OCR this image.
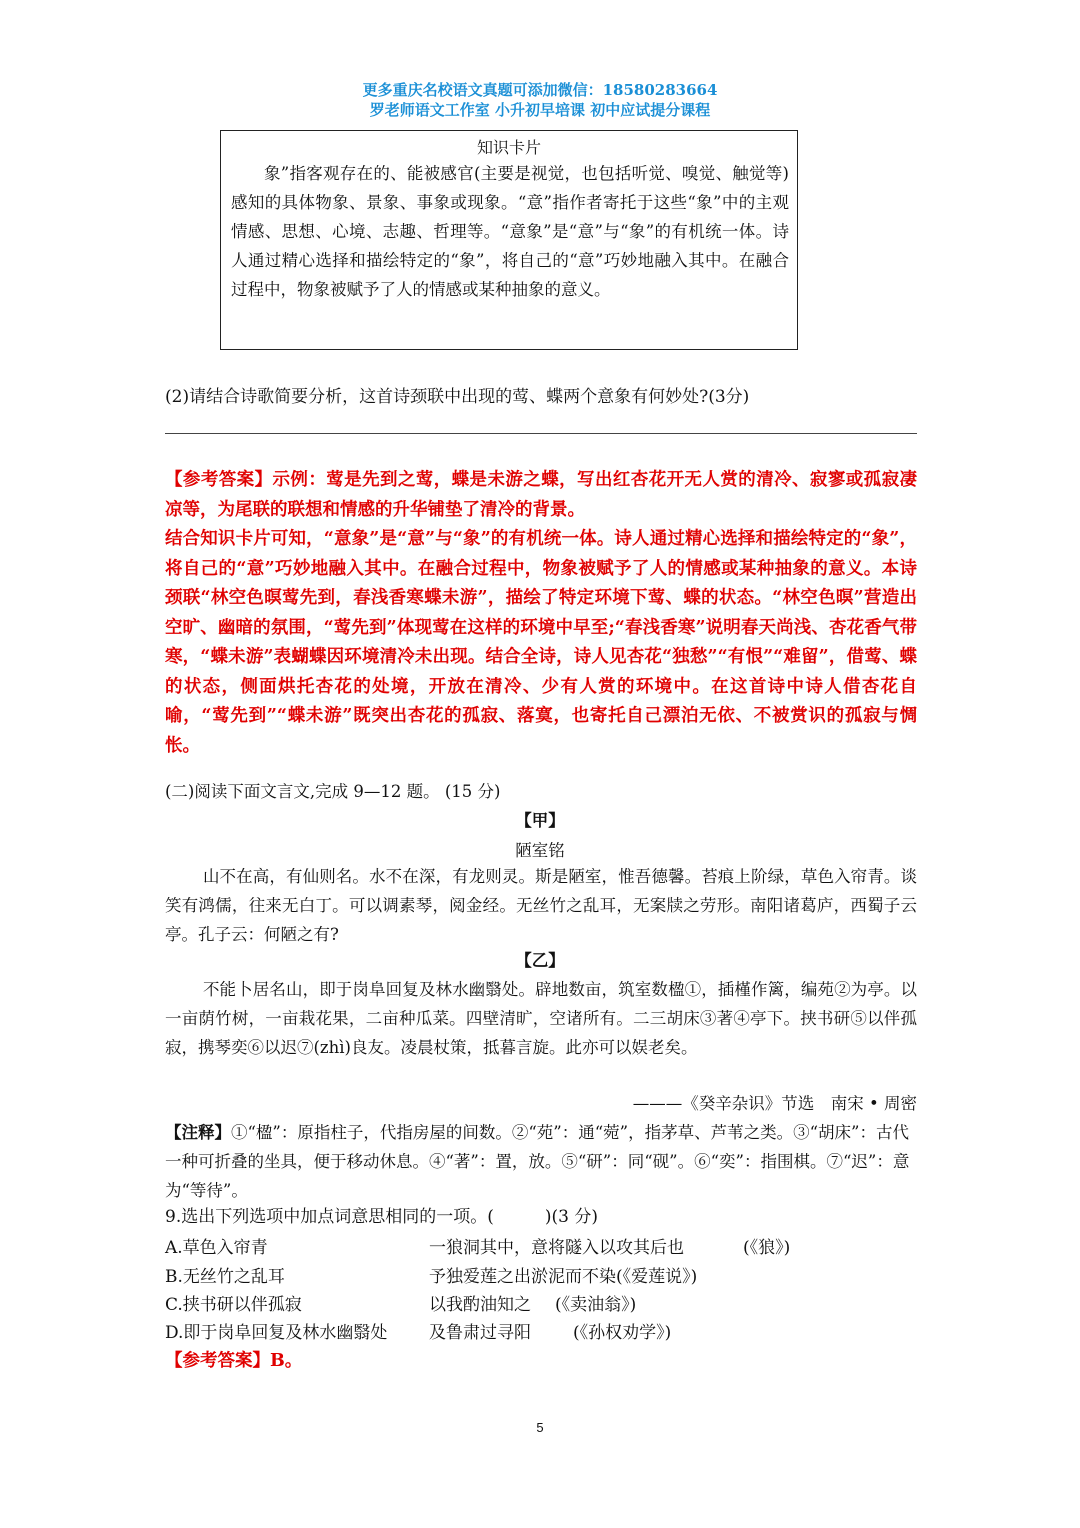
更多重庆名校语文真题可添加微信：18580283664
罗老师语文工作室 小升初早培课 初中应试提分课程
知识卡片
象”指客观存在的、能被感官(主要是视觉，也包括听觉、嗅觉、触觉等)感知的具体物象、景象、事象或现象。“意”指作者寄托于这些“象”中的主观情感、思想、心境、志趣、哲理等。“意象”是“意”与“象”的有机统一体。诗人通过精心选择和描绘特定的“象”，将自己的“意”巧妙地融入其中。在融合过程中，物象被赋予了人的情感或某种抽象的意义。
(2)请结合诗歌简要分析，这首诗颈联中出现的莺、蝶两个意象有何妙处?(3分)
【参考答案】示例：莺是先到之莺，蝶是未游之蝶，写出红杏花开无人赏的清冷、寂寥或孤寂凄凉等，为尾联的联想和情感的升华铺垫了清冷的背景。
结合知识卡片可知，“意象”是“意”与“象”的有机统一体。诗人通过精心选择和描绘特定的“象”，将自己的“意”巧妙地融入其中。在融合过程中，物象被赋予了人的情感或某种抽象的意义。本诗颈联“林空色暝莺先到，春浅香寒蝶未游”，描绘了特定环境下莺、蝶的状态。“林空色暝”营造出空旷、幽暗的氛围，“莺先到”体现莺在这样的环境中早至;“春浅香寒”说明春天尚浅、杏花香气带寒，“蝶未游”表蝴蝶因环境清冷未出现。结合全诗，诗人见杏花“独愁”“有恨”“难留”，借莺、蝶的状态，侧面烘托杏花的处境，开放在清冷、少有人赏的环境中。在这首诗中诗人借杏花自喻，“莺先到”“蝶未游”既突出杏花的孤寂、落寞，也寄托自己漂泊无依、不被赏识的孤寂与惆怅。
(二)阅读下面文言文,完成 9—12 题。 (15 分)
【甲】
陋室铭
山不在高，有仙则名。水不在深，有龙则灵。斯是陋室，惟吾德馨。苔痕上阶绿，草色入帘青。谈笑有鸿儒，往来无白丁。可以调素琴，阅金经。无丝竹之乱耳，无案牍之劳形。南阳诸葛庐，西蜀子云亭。孔子云：何陋之有?
【乙】
不能卜居名山，即于岗阜回复及林水幽翳处。辟地数亩，筑室数楹①，插槿作篱，编苑②为亭。以一亩荫竹树，一亩栽花果，二亩种瓜菜。四壁清旷，空诸所有。二三胡床③著④亭下。挟书研⑤以伴孤寂，携琴奕⑥以迟⑦(zhì)良友。凌晨杖策，抵暮言旋。此亦可以娱老矣。
———《癸辛杂识》节选　南宋 • 周密
【注释】①“楹”：原指柱子，代指房屋的间数。②“苑”：通“菀”，指茅草、芦苇之类。③“胡床”：古代一种可折叠的坐具，便于移动休息。④“著”：置，放。⑤“研”：同“砚”。⑥“奕”：指围棋。⑦“迟”：意为“等待”。
9.选出下列选项中加点词意思相同的一项。(　　　)(3 分)
A.草色入帘青	一狼洞其中，意将隧入以攻其后也	(《狼》)
B.无丝竹之乱耳	予独爱莲之出淤泥而不染(《爱莲说》)
C.挟书研以伴孤寂	以我酌油知之 (《卖油翁》)
D.即于岗阜回复及林水幽翳处 及鲁肃过寻阳 (《孙权劝学》)
【参考答案】B。
5
